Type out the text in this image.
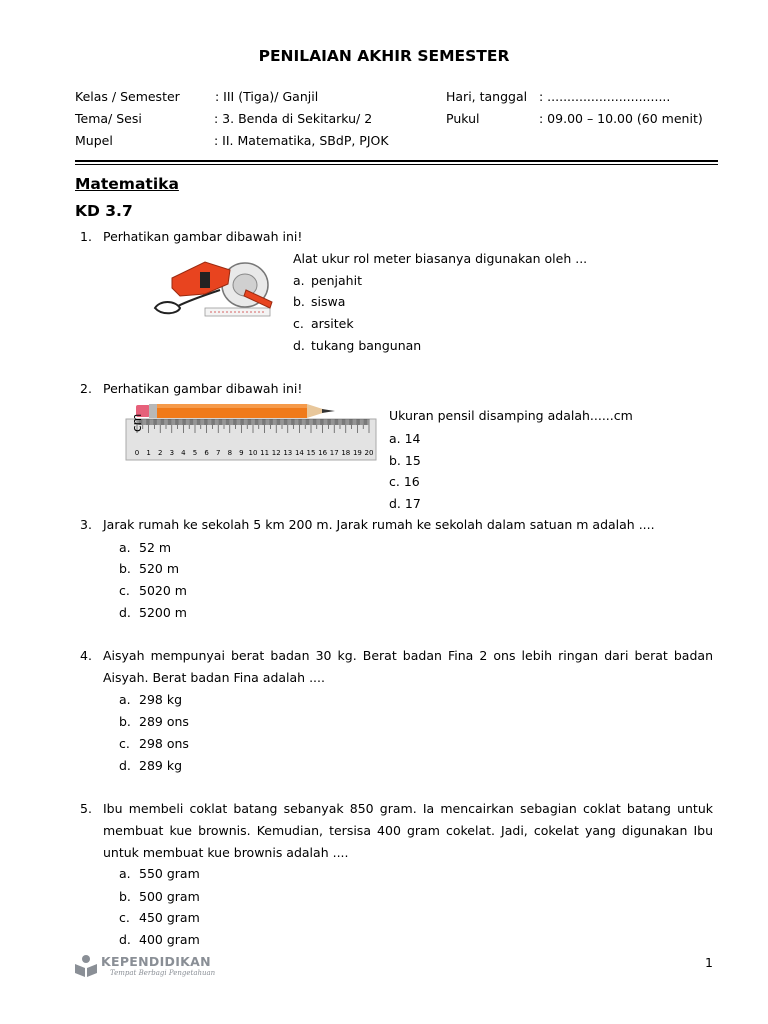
PENILAIAN AKHIR SEMESTER
Kelas / Semester	: III (Tiga)/ Ganjil
Tema/ Sesi	: 3. Benda di Sekitarku/ 2
Mupel	: II. Matematika, SBdP, PJOK
Hari, tanggal : ...............................
Pukul	: 09.00 – 10.00 (60 menit)
Matematika
KD 3.7
1. Perhatikan gambar dibawah ini!
Alat ukur rol meter biasanya digunakan oleh ...
a. penjahit
b. siswa
c. arsitek
d. tukang bangunan
2. Perhatikan gambar dibawah ini!
0 1 2 3 4 5 6 7 8 9 10 11 12 13 14 15 16 17 18 19 20
cm	Ukuran pensil disamping adalah......cm
a. 14
b. 15
c. 16
d. 17
3. Jarak rumah ke sekolah 5 km 200 m. Jarak rumah ke sekolah dalam satuan m adalah ....
a. 52 m
b. 520 m
c. 5020 m
d. 5200 m
4. Aisyah mempunyai berat badan 30 kg. Berat badan Fina 2 ons lebih ringan dari berat badan Aisyah. Berat badan Fina adalah ....
a. 298 kg
b. 289 ons
c. 298 ons
d. 289 kg
5. Ibu membeli coklat batang sebanyak 850 gram. Ia mencairkan sebagian coklat batang untuk membuat kue brownis. Kemudian, tersisa 400 gram cokelat. Jadi, cokelat yang digunakan Ibu untuk membuat kue brownis adalah ....
a. 550 gram
b. 500 gram
c. 450 gram
d. 400 gram
KEPENDIDIKAN
Tempat Berbagi Pengetahuan
1
